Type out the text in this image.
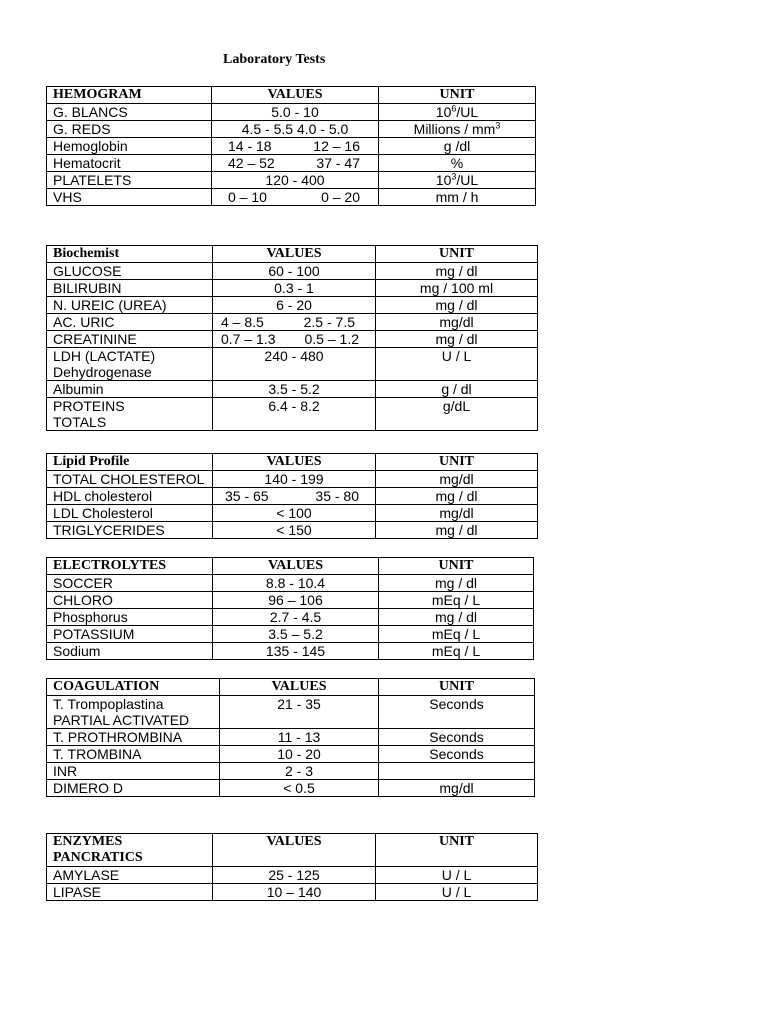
Laboratory Tests
HEMOGRAM	VALUES	UNIT
G. BLANCS	5.0 - 10	$10^6/UL$
G. REDS	4.5 - 5.5 4.0 - 5.0	Millions / $mm^3$
Hemoglobin	14 - 18 12 – 16	g /dl
Hematocrit	42 – 52 37 - 47	%
PLATELETS	120 - 400	$10^3/UL$
VHS	0 – 10 0 – 20	mm / h
Biochemist	VALUES	UNIT
GLUCOSE	60 - 100	mg / dl
BILIRUBIN	0.3 - 1	mg / 100 ml
N. UREIC (UREA)	6 - 20	mg / dl
AC. URIC	4 – 8.5 2.5 - 7.5	mg/dl
CREATININE	0.7 – 1.3 0.5 – 1.2	mg / dl
LDH (LACTATE) Dehydrogenase	240 - 480	U / L
Albumin	3.5 - 5.2	g / dl
PROTEINS TOTALS	6.4 - 8.2	g/dL
Lipid Profile	VALUES	UNIT
TOTAL CHOLESTEROL	140 - 199	mg/dl
HDL cholesterol	35 - 65 35 - 80	mg / dl
LDL Cholesterol	< 100	mg/dl
TRIGLYCERIDES	< 150	mg / dl
ELECTROLYTES	VALUES	UNIT
SOCCER	8.8 - 10.4	mg / dl
CHLORO	96 – 106	mEq / L
Phosphorus	2.7 - 4.5	mg / dl
POTASSIUM	3.5 – 5.2	mEq / L
Sodium	135 - 145	mEq / L
COAGULATION	VALUES	UNIT
T. Trompoplastina PARTIAL ACTIVATED	21 - 35	Seconds
T. PROTHROMBINA	11 - 13	Seconds
T. TROMBINA	10 - 20	Seconds
INR	2 - 3	
DIMERO D	< 0.5	mg/dl
ENZYMES PANCRATICS	VALUES	UNIT
AMYLASE	25 - 125	U / L
LIPASE	10 – 140	U / L
